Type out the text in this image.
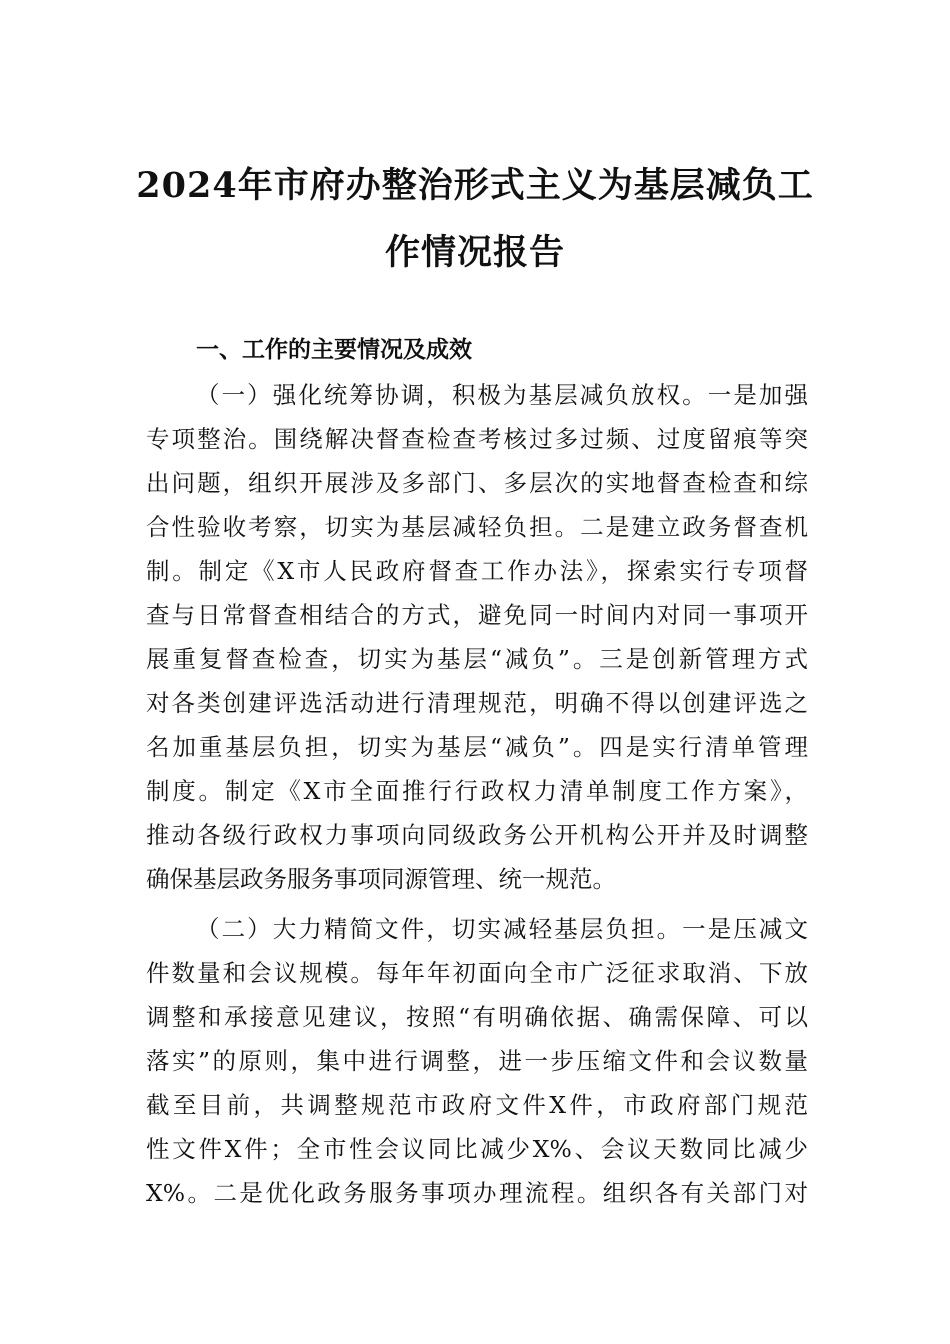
2024年市府办整治形式主义为基层减负工
作情况报告
一、工作的主要情况及成效
（一）强化统筹协调，积极为基层减负放权。一是加强
专项整治。围绕解决督查检查考核过多过频、过度留痕等突
出问题，组织开展涉及多部门、多层次的实地督查检查和综
合性验收考察，切实为基层减轻负担。二是建立政务督查机
制。制定《X市人民政府督查工作办法》，探索实行专项督
查与日常督查相结合的方式，避免同一时间内对同一事项开
展重复督查检查，切实为基层“减负”。三是创新管理方式
对各类创建评选活动进行清理规范，明确不得以创建评选之
名加重基层负担，切实为基层“减负”。四是实行清单管理
制度。制定《X市全面推行行政权力清单制度工作方案》，
推动各级行政权力事项向同级政务公开机构公开并及时调整
确保基层政务服务事项同源管理、统一规范。
（二）大力精简文件，切实减轻基层负担。一是压减文
件数量和会议规模。每年年初面向全市广泛征求取消、下放
调整和承接意见建议，按照“有明确依据、确需保障、可以
落实”的原则，集中进行调整，进一步压缩文件和会议数量
截至目前，共调整规范市政府文件X件，市政府部门规范
性文件X件；全市性会议同比减少X%、会议天数同比减少
X%。二是优化政务服务事项办理流程。组织各有关部门对
